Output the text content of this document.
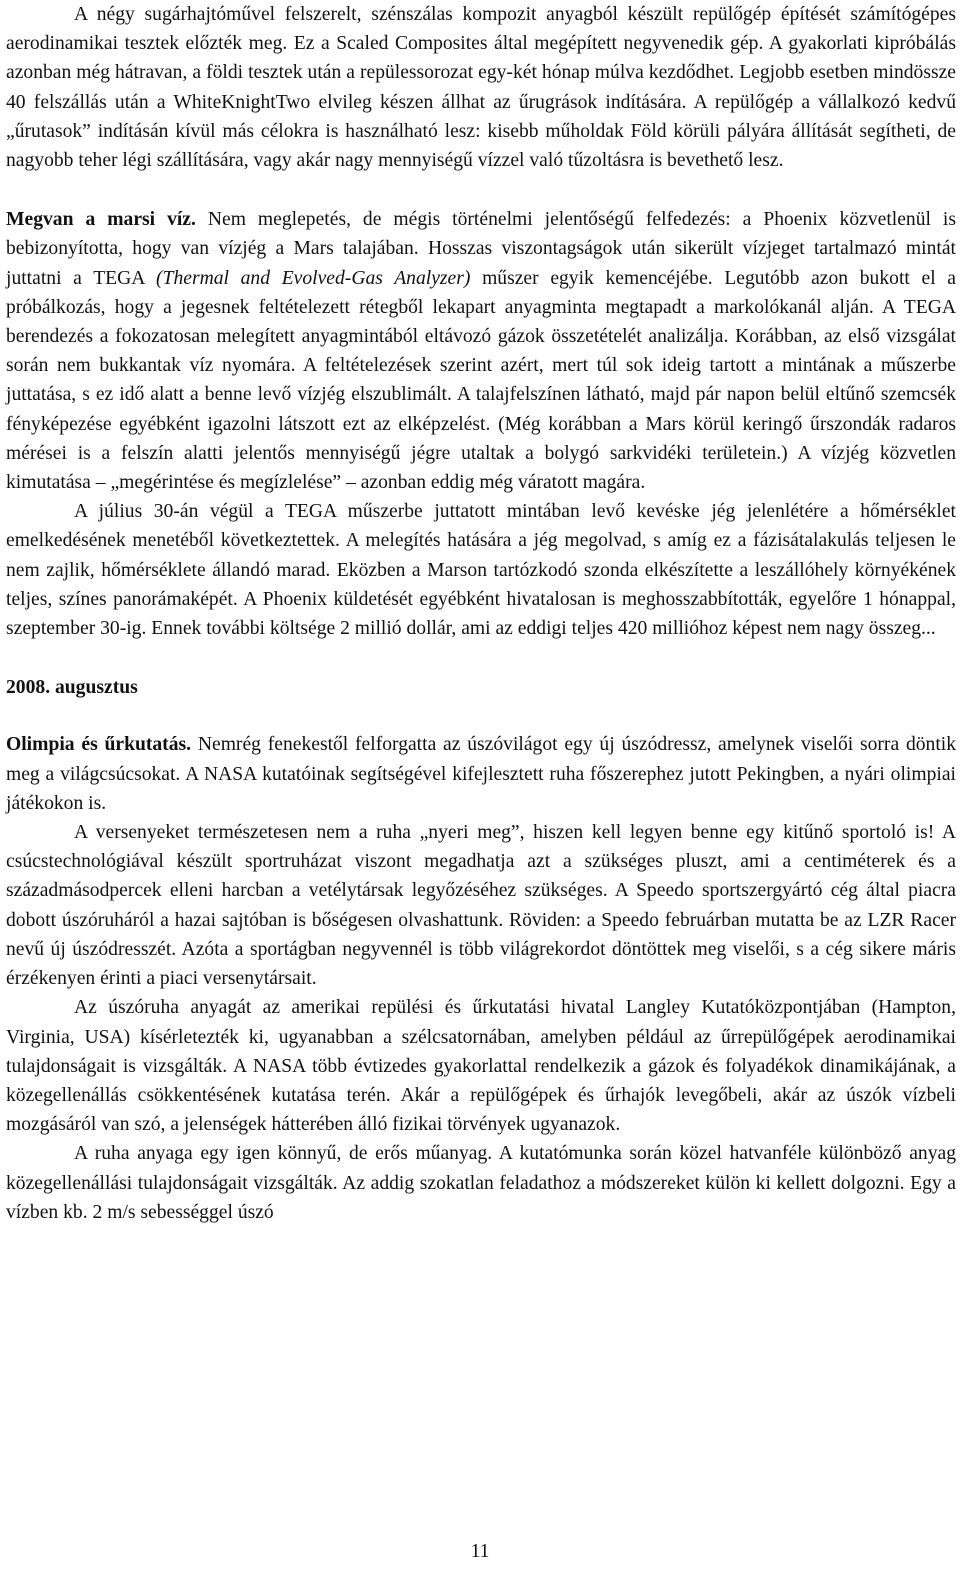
A négy sugárhajtóművel felszerelt, szénszálas kompozit anyagból készült repülőgép építését számítógépes aerodinamikai tesztek előzték meg. Ez a Scaled Composites által megépített negyvenedik gép. A gyakorlati kipróbálás azonban még hátravan, a földi tesztek után a repülessorozat egy-két hónap múlva kezdődhet. Legjobb esetben mindössze 40 felszállás után a WhiteKnightTwo elvileg készen állhat az űrugrások indítására. A repülőgép a vállalkozó kedvű „űrutasok” indításán kívül más célokra is használható lesz: kisebb műholdak Föld körüli pályára állítását segítheti, de nagyobb teher légi szállítására, vagy akár nagy mennyiségű vízzel való tűzoltásra is bevethető lesz.

Megvan a marsi víz. Nem meglepetés, de mégis történelmi jelentőségű felfedezés: a Phoenix közvetlenül is bebizonyította, hogy van vízjég a Mars talajában. Hosszas viszontagságok után sikerült vízjeget tartalmazó mintát juttatni a TEGA (Thermal and Evolved-Gas Analyzer) műszer egyik kemencéjébe. Legutóbb azon bukott el a próbálkozás, hogy a jegesnek feltételezett rétegből lekapart anyagminta megtapadt a markolókanál alján. A TEGA berendezés a fokozatosan melegített anyagmintából eltávozó gázok összetételét analizálja. Korábban, az első vizsgálat során nem bukkantak víz nyomára. A feltételezések szerint azért, mert túl sok ideig tartott a mintának a műszerbe juttatása, s ez idő alatt a benne levő vízjég elszublimált. A talajfelszínen látható, majd pár napon belül eltűnő szemcsék fényképezése egyébként igazolni látszott ezt az elképzelést. (Még korábban a Mars körül keringő űrszondák radaros mérései is a felszín alatti jelentős mennyiségű jégre utaltak a bolygó sarkvidéki területein.) A vízjég közvetlen kimutatása – „megérintése és megízlelése” – azonban eddig még váratott magára.

A július 30-án végül a TEGA műszerbe juttatott mintában levő kevéske jég jelenlétére a hőmérséklet emelkedésének menetéből következtettek. A melegítés hatására a jég megolvad, s amíg ez a fázisátalakulás teljesen le nem zajlik, hőmérséklete állandó marad. Eközben a Marson tartózkodó szonda elkészítette a leszállóhely környékének teljes, színes panorámaképét. A Phoenix küldetését egyébként hivatalosan is meghosszabbították, egyelőre 1 hónappal, szeptember 30-ig. Ennek további költsége 2 millió dollár, ami az eddigi teljes 420 millióhoz képest nem nagy összeg...

2008. augusztus

Olimpia és űrkutatás. Nemrég fenekestől felforgatta az úszóvilágot egy új úszódressz, amelynek viselői sorra döntik meg a világcsúcsokat. A NASA kutatóinak segítségével kifejlesztett ruha főszerephez jutott Pekingben, a nyári olimpiai játékokon is.

A versenyeket természetesen nem a ruha „nyeri meg”, hiszen kell legyen benne egy kitűnő sportoló is! A csúcstechnológiával készült sportruházat viszont megadhatja azt a szükséges pluszt, ami a centiméterek és a századmásodpercek elleni harcban a vetélytársak legyőzéséhez szükséges. A Speedo sportszergyártó cég által piacra dobott úszóruháról a hazai sajtóban is bőségesen olvashattunk. Röviden: a Speedo februárban mutatta be az LZR Racer nevű új úszódresszét. Azóta a sportágban negyvennél is több világrekordot döntöttek meg viselői, s a cég sikere máris érzékenyen érinti a piaci versenytársait.

Az úszóruha anyagát az amerikai repülési és űrkutatási hivatal Langley Kutatóközpontjában (Hampton, Virginia, USA) kísérletezték ki, ugyanabban a szélcsatornában, amelyben például az űrrepülőgépek aerodinamikai tulajdonságait is vizsgálták. A NASA több évtizedes gyakorlattal rendelkezik a gázok és folyadékok dinamikájának, a közegellenállás csökkentésének kutatása terén. Akár a repülőgépek és űrhajók levegőbeli, akár az úszók vízbeli mozgásáról van szó, a jelenségek hátterében álló fizikai törvények ugyanazok.

A ruha anyaga egy igen könnyű, de erős műanyag. A kutatómunka során közel hatvanféle különböző anyag közegellenállási tulajdonságait vizsgálták. Az addig szokatlan feladathoz a módszereket külön ki kellett dolgozni. Egy a vízben kb. 2 m/s sebességgel úszó

11
